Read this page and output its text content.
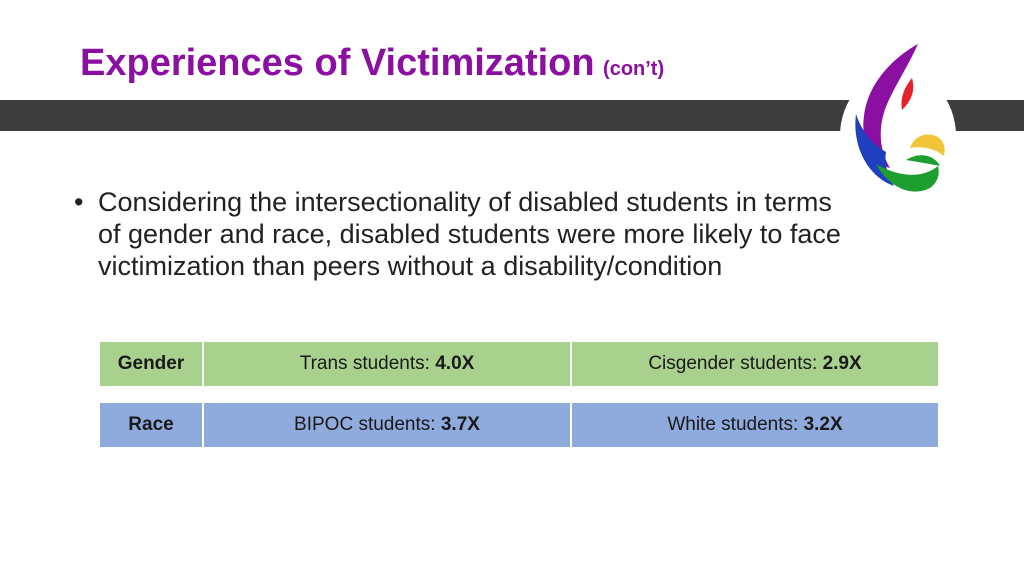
Experiences of Victimization (con’t)
• Considering the intersectionality of disabled students in terms of gender and race, disabled students were more likely to face victimization than peers without a disability/condition
Gender	Trans students: 4.0X	Cisgender students: 2.9X
Race	BIPOC students: 3.7X	White students: 3.2X
